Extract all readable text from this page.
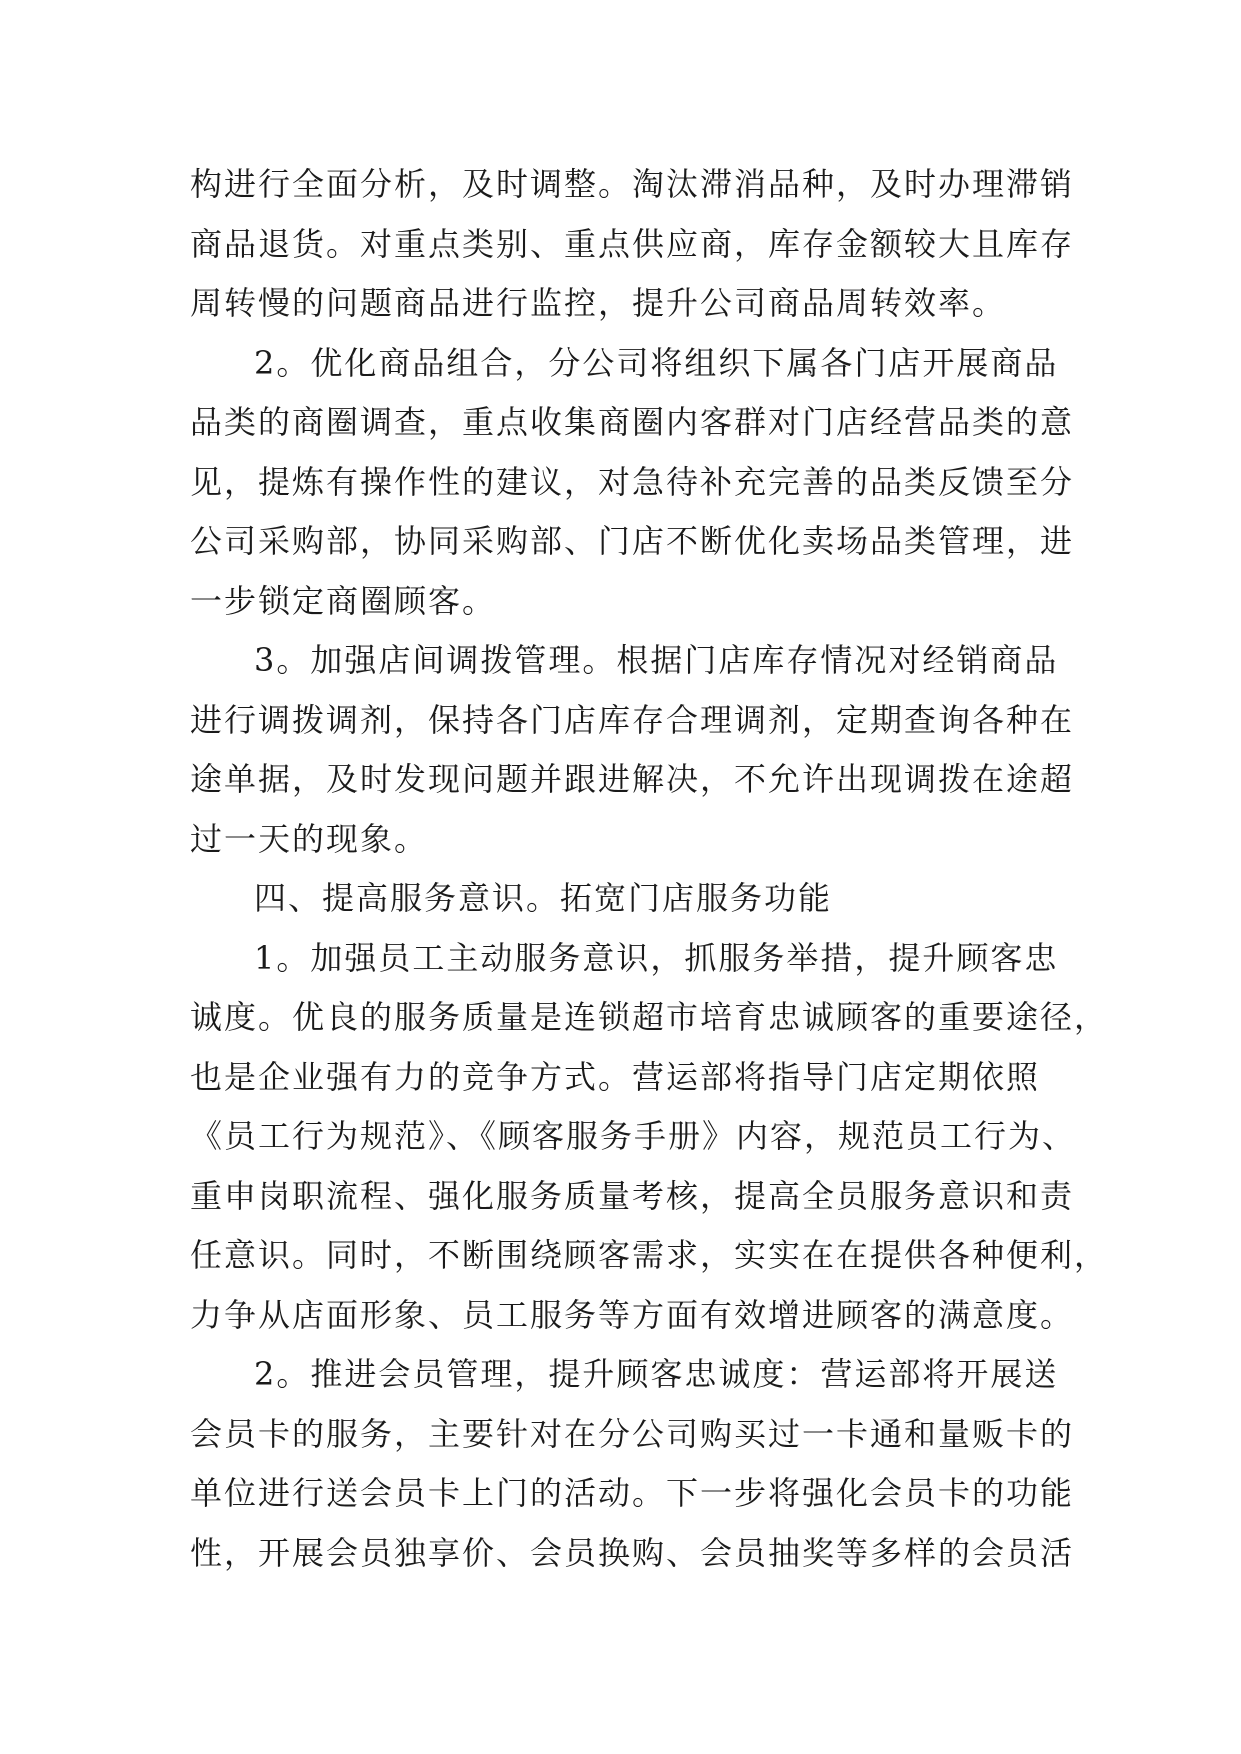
构进行全面分析，及时调整。淘汰滞消品种，及时办理滞销
商品退货。对重点类别、重点供应商，库存金额较大且库存
周转慢的问题商品进行监控，提升公司商品周转效率。
2。优化商品组合，分公司将组织下属各门店开展商品
品类的商圈调查，重点收集商圈内客群对门店经营品类的意
见，提炼有操作性的建议，对急待补充完善的品类反馈至分
公司采购部，协同采购部、门店不断优化卖场品类管理，进
一步锁定商圈顾客。
3。加强店间调拨管理。根据门店库存情况对经销商品
进行调拨调剂，保持各门店库存合理调剂，定期查询各种在
途单据，及时发现问题并跟进解决，不允许出现调拨在途超
过一天的现象。
四、提高服务意识。拓宽门店服务功能
1。加强员工主动服务意识，抓服务举措，提升顾客忠
诚度。优良的服务质量是连锁超市培育忠诚顾客的重要途径，
也是企业强有力的竞争方式。营运部将指导门店定期依照
《员工行为规范》、《顾客服务手册》内容，规范员工行为、
重申岗职流程、强化服务质量考核，提高全员服务意识和责
任意识。同时，不断围绕顾客需求，实实在在提供各种便利，
力争从店面形象、员工服务等方面有效增进顾客的满意度。
2。推进会员管理，提升顾客忠诚度：营运部将开展送
会员卡的服务，主要针对在分公司购买过一卡通和量贩卡的
单位进行送会员卡上门的活动。下一步将强化会员卡的功能
性，开展会员独享价、会员换购、会员抽奖等多样的会员活
